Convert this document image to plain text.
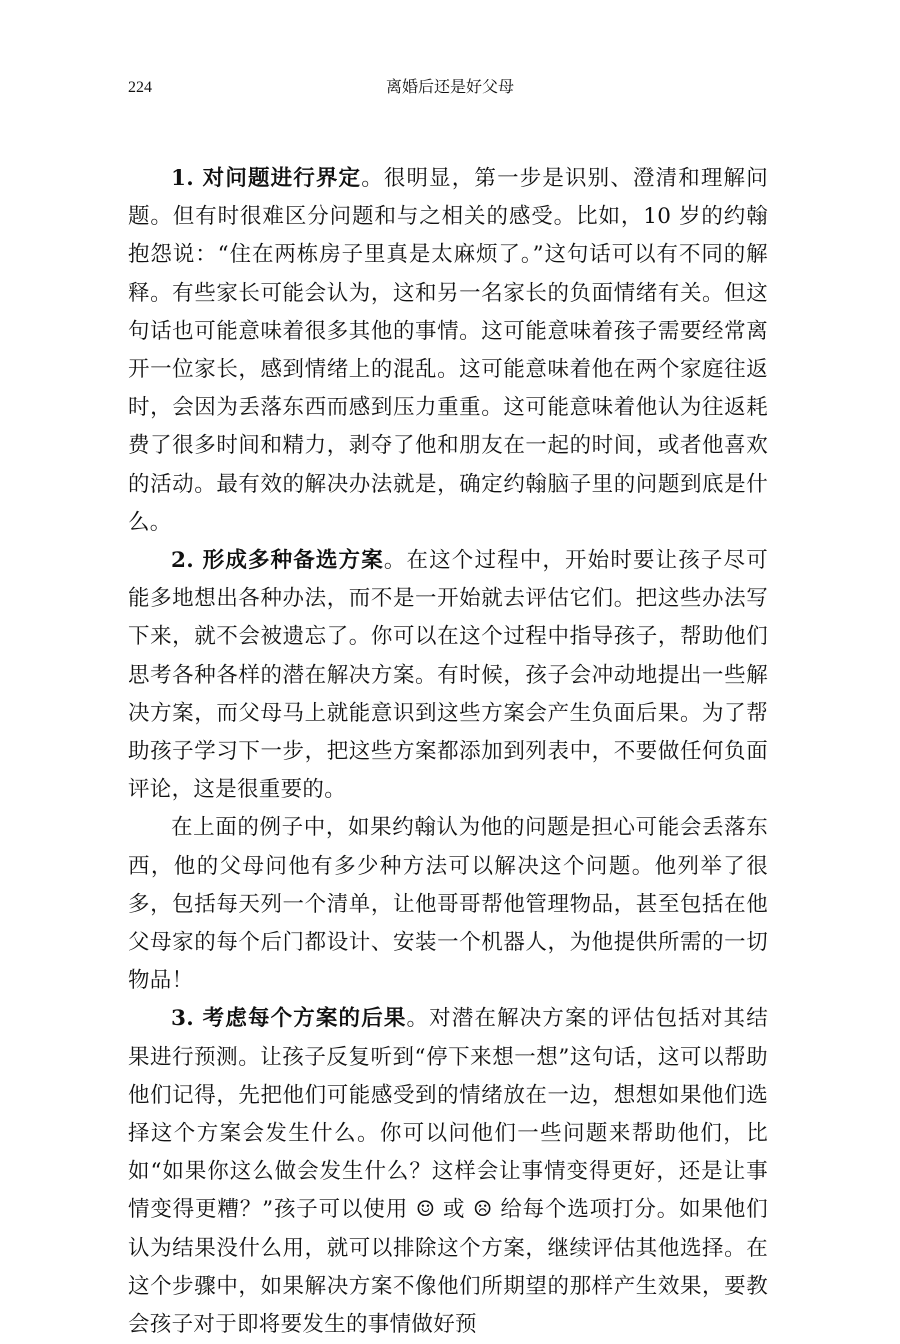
224	离婚后还是好父母

1. 对问题进行界定。很明显，第一步是识别、澄清和理解问题。但有时很难区分问题和与之相关的感受。比如，10 岁的约翰抱怨说：“住在两栋房子里真是太麻烦了。”这句话可以有不同的解释。有些家长可能会认为，这和另一名家长的负面情绪有关。但这句话也可能意味着很多其他的事情。这可能意味着孩子需要经常离开一位家长，感到情绪上的混乱。这可能意味着他在两个家庭往返时，会因为丢落东西而感到压力重重。这可能意味着他认为往返耗费了很多时间和精力，剥夺了他和朋友在一起的时间，或者他喜欢的活动。最有效的解决办法就是，确定约翰脑子里的问题到底是什么。

2. 形成多种备选方案。在这个过程中，开始时要让孩子尽可能多地想出各种办法，而不是一开始就去评估它们。把这些办法写下来，就不会被遗忘了。你可以在这个过程中指导孩子，帮助他们思考各种各样的潜在解决方案。有时候，孩子会冲动地提出一些解决方案，而父母马上就能意识到这些方案会产生负面后果。为了帮助孩子学习下一步，把这些方案都添加到列表中，不要做任何负面评论，这是很重要的。

在上面的例子中，如果约翰认为他的问题是担心可能会丢落东西，他的父母问他有多少种方法可以解决这个问题。他列举了很多，包括每天列一个清单，让他哥哥帮他管理物品，甚至包括在他父母家的每个后门都设计、安装一个机器人，为他提供所需的一切物品！

3. 考虑每个方案的后果。对潜在解决方案的评估包括对其结果进行预测。让孩子反复听到“停下来想一想”这句话，这可以帮助他们记得，先把他们可能感受到的情绪放在一边，想想如果他们选择这个方案会发生什么。你可以问他们一些问题来帮助他们，比如“如果你这么做会发生什么？这样会让事情变得更好，还是让事情变得更糟？”孩子可以使用 ☺ 或 ☹ 给每个选项打分。如果他们认为结果没什么用，就可以排除这个方案，继续评估其他选择。在这个步骤中，如果解决方案不像他们所期望的那样产生效果，要教会孩子对于即将要发生的事情做好预
